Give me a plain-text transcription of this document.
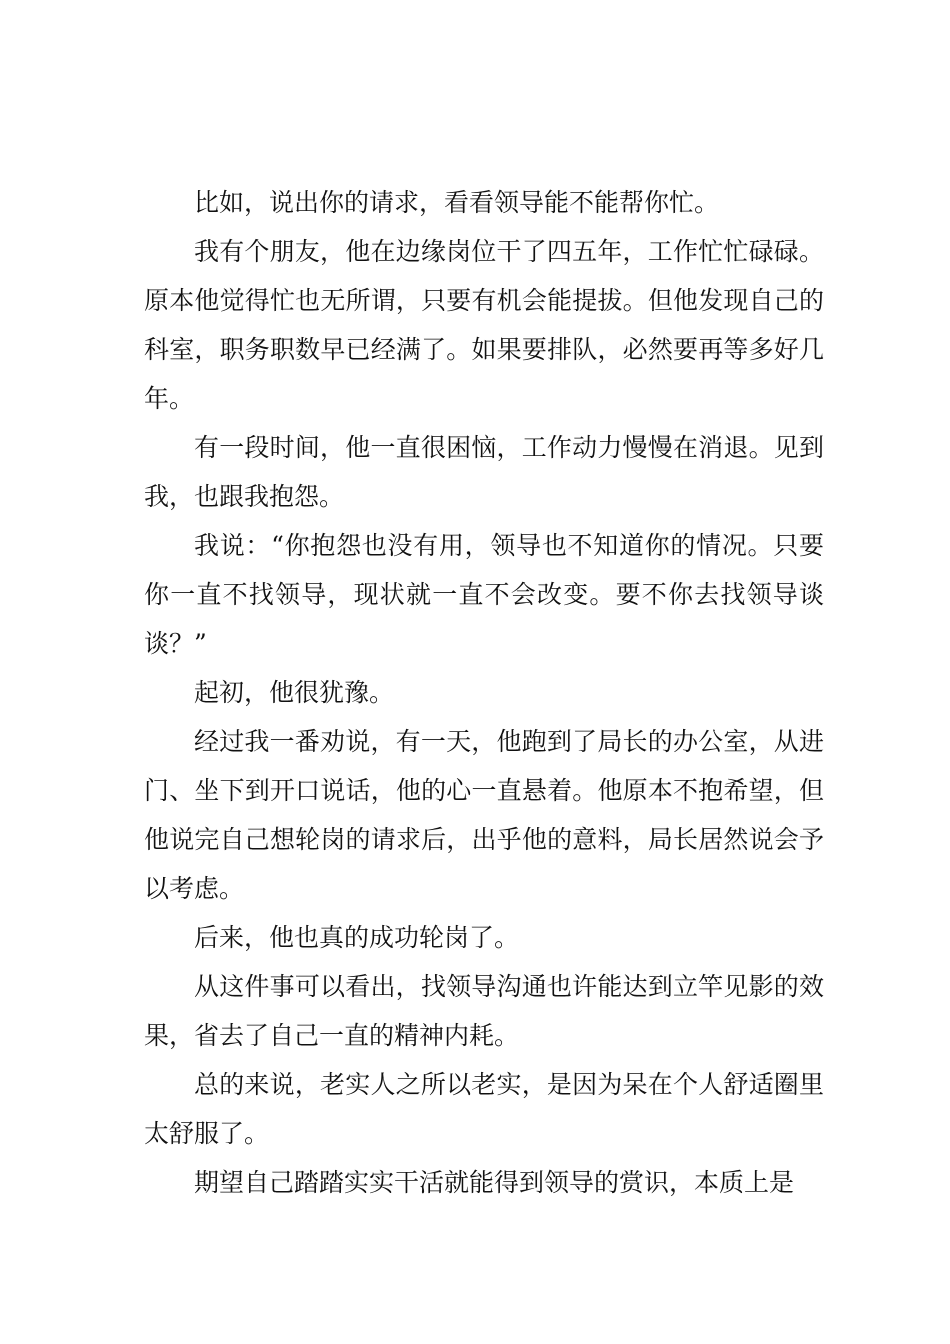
比如，说出你的请求，看看领导能不能帮你忙。

我有个朋友，他在边缘岗位干了四五年，工作忙忙碌碌。原本他觉得忙也无所谓，只要有机会能提拔。但他发现自己的科室，职务职数早已经满了。如果要排队，必然要再等多好几年。

有一段时间，他一直很困恼，工作动力慢慢在消退。见到我，也跟我抱怨。

我说：“你抱怨也没有用，领导也不知道你的情况。只要你一直不找领导，现状就一直不会改变。要不你去找领导谈谈？”

起初，他很犹豫。

经过我一番劝说，有一天，他跑到了局长的办公室，从进门、坐下到开口说话，他的心一直悬着。他原本不抱希望，但他说完自己想轮岗的请求后，出乎他的意料，局长居然说会予以考虑。

后来，他也真的成功轮岗了。

从这件事可以看出，找领导沟通也许能达到立竿见影的效果，省去了自己一直的精神内耗。

总的来说，老实人之所以老实，是因为呆在个人舒适圈里太舒服了。

期望自己踏踏实实干活就能得到领导的赏识，本质上是
